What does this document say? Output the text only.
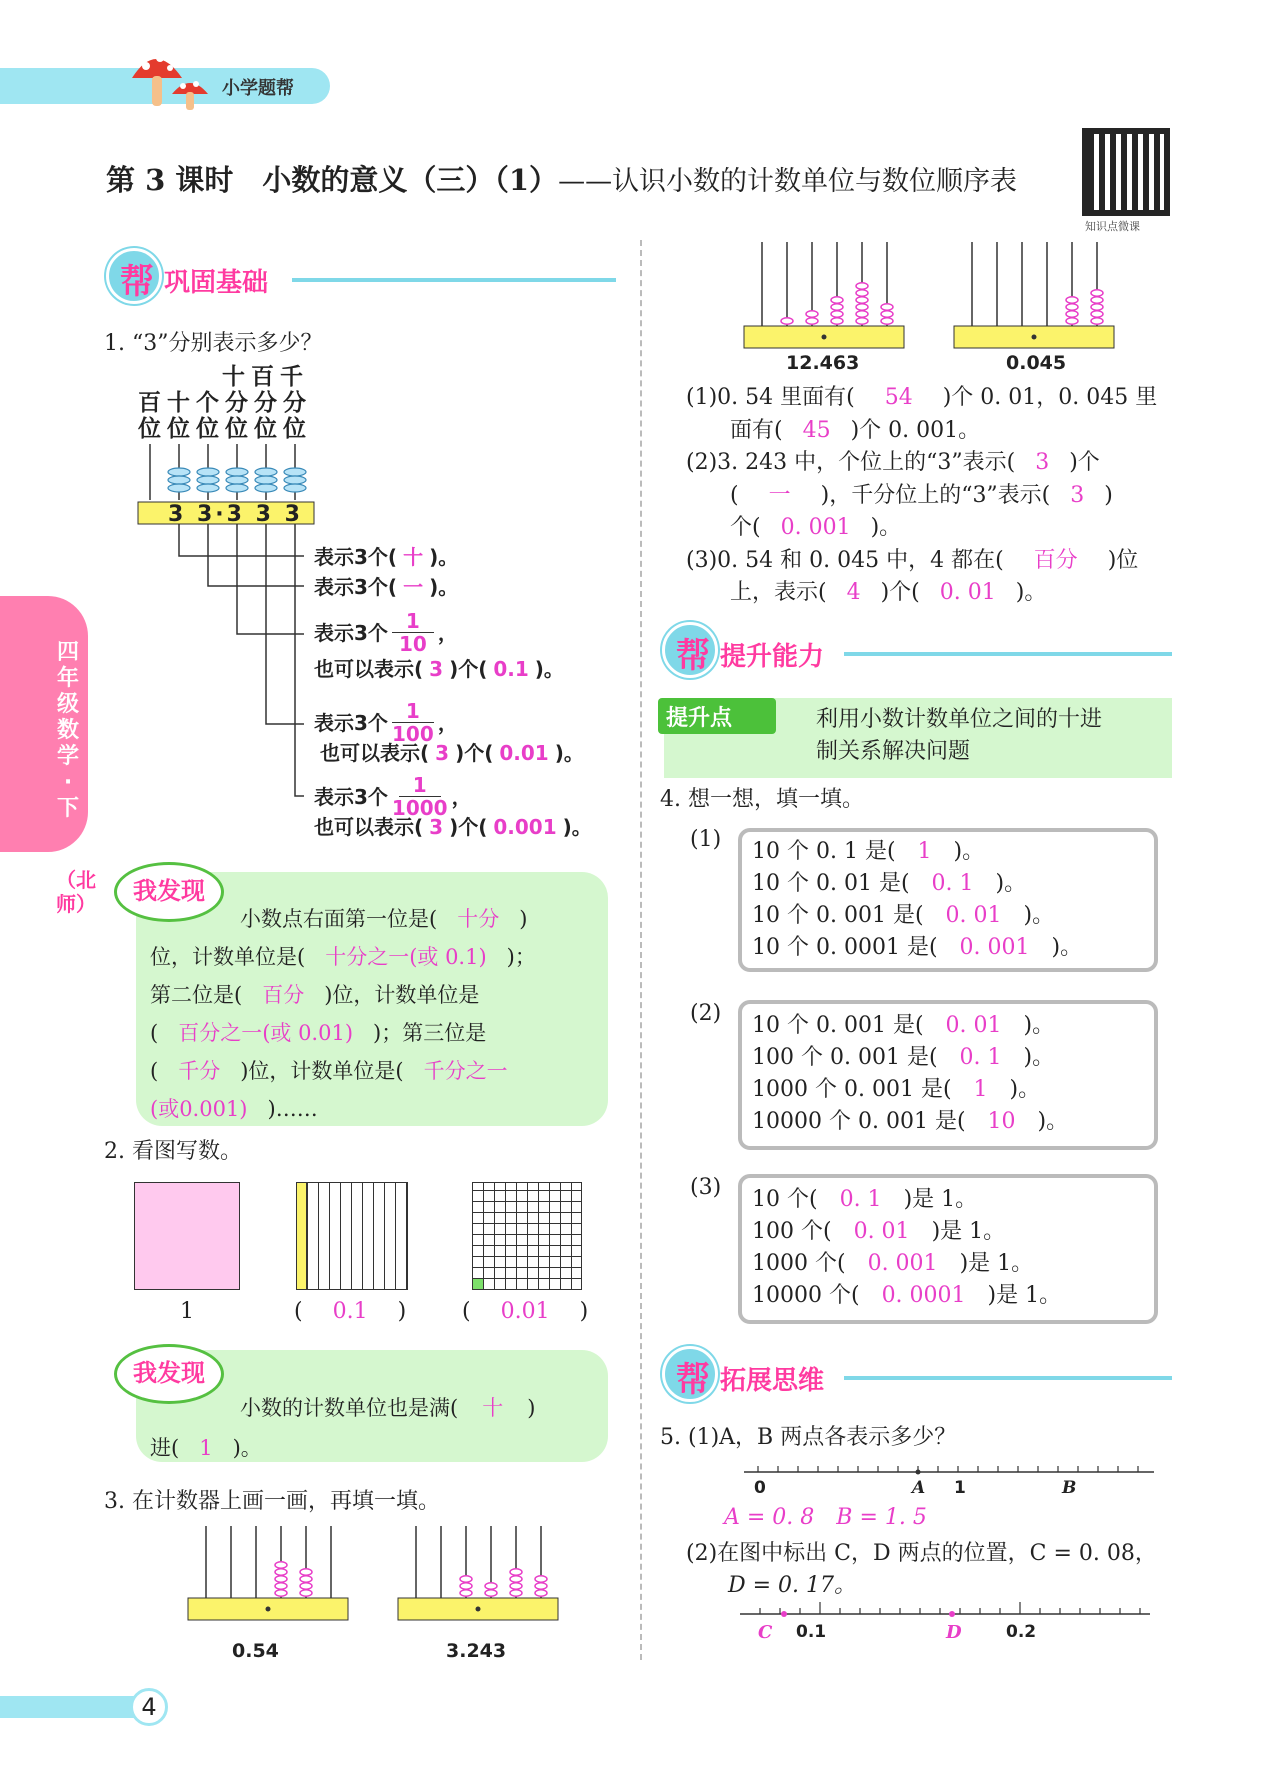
小学题帮
第 3 课时　小数的意义（三）（1）——认识小数的计数单位与数位顺序表
知识点微课
四年级数学·下
（北师）
帮 巩固基础
1. “3”分别表示多少？
十 百 千
百 十 个 分 分 分
位 位 位 位 位 位
3 3·3 3 3
表示3个( 十 )。
表示3个( 一 )。
表示3个 1
10 ，
也可以表示( 3 )个( 0.1 )。
表示3个 1
100 ，
也可以表示( 3 )个( 0.01 )。
表示3个	1
1000 ，
也可以表示( 3 )个( 0.001 )。
我发现
小数点右面第一位是( 十分 )
位，计数单位是( 十分之一(或 0.1) )；
第二位是( 百分 )位，计数单位是
( 百分之一(或 0.01) )；第三位是
( 千分 )位，计数单位是( 千分之一
(或0.001) )……
2. 看图写数。
1	( 0.1 )	( 0.01 )
我发现
小数的计数单位也是满( 十 )
进( 1 )。
3. 在计数器上画一画，再填一填。
0.54	3.243
12.463	0.045
(1)0. 54 里面有( 54 )个 0. 01，0. 045 里
面有( 45 )个 0. 001。
(2)3. 243 中，个位上的“3”表示( 3 )个
( 一 )，千分位上的“3”表示( 3 )
个( 0. 001 )。
(3)0. 54 和 0. 045 中，4 都在( 百分 )位
上，表示( 4 )个( 0. 01 )。
帮 提升能力
提升点	利用小数计数单位之间的十进
制关系解决问题
4. 想一想，填一填。
(1) 10 个 0. 1 是( 1 )。
10 个 0. 01 是( 0. 1 )。
10 个 0. 001 是( 0. 01 )。
10 个 0. 0001 是( 0. 001 )。
(2) 10 个 0. 001 是( 0. 01 )。
100 个 0. 001 是( 0. 1 )。
1000 个 0. 001 是( 1 )。
10000 个 0. 001 是( 10 )。
(3) 10 个( 0. 1 )是 1。
100 个( 0. 01 )是 1。
1000 个( 0. 001 )是 1。
10000 个( 0. 0001 )是 1。
帮 拓展思维
5. (1)A，B 两点各表示多少？
0	A 1	B
A = 0. 8　B = 1. 5
(2)在图中标出 C，D 两点的位置，C = 0. 08，
D = 0. 17。
C 0.1	D	0.2
4
